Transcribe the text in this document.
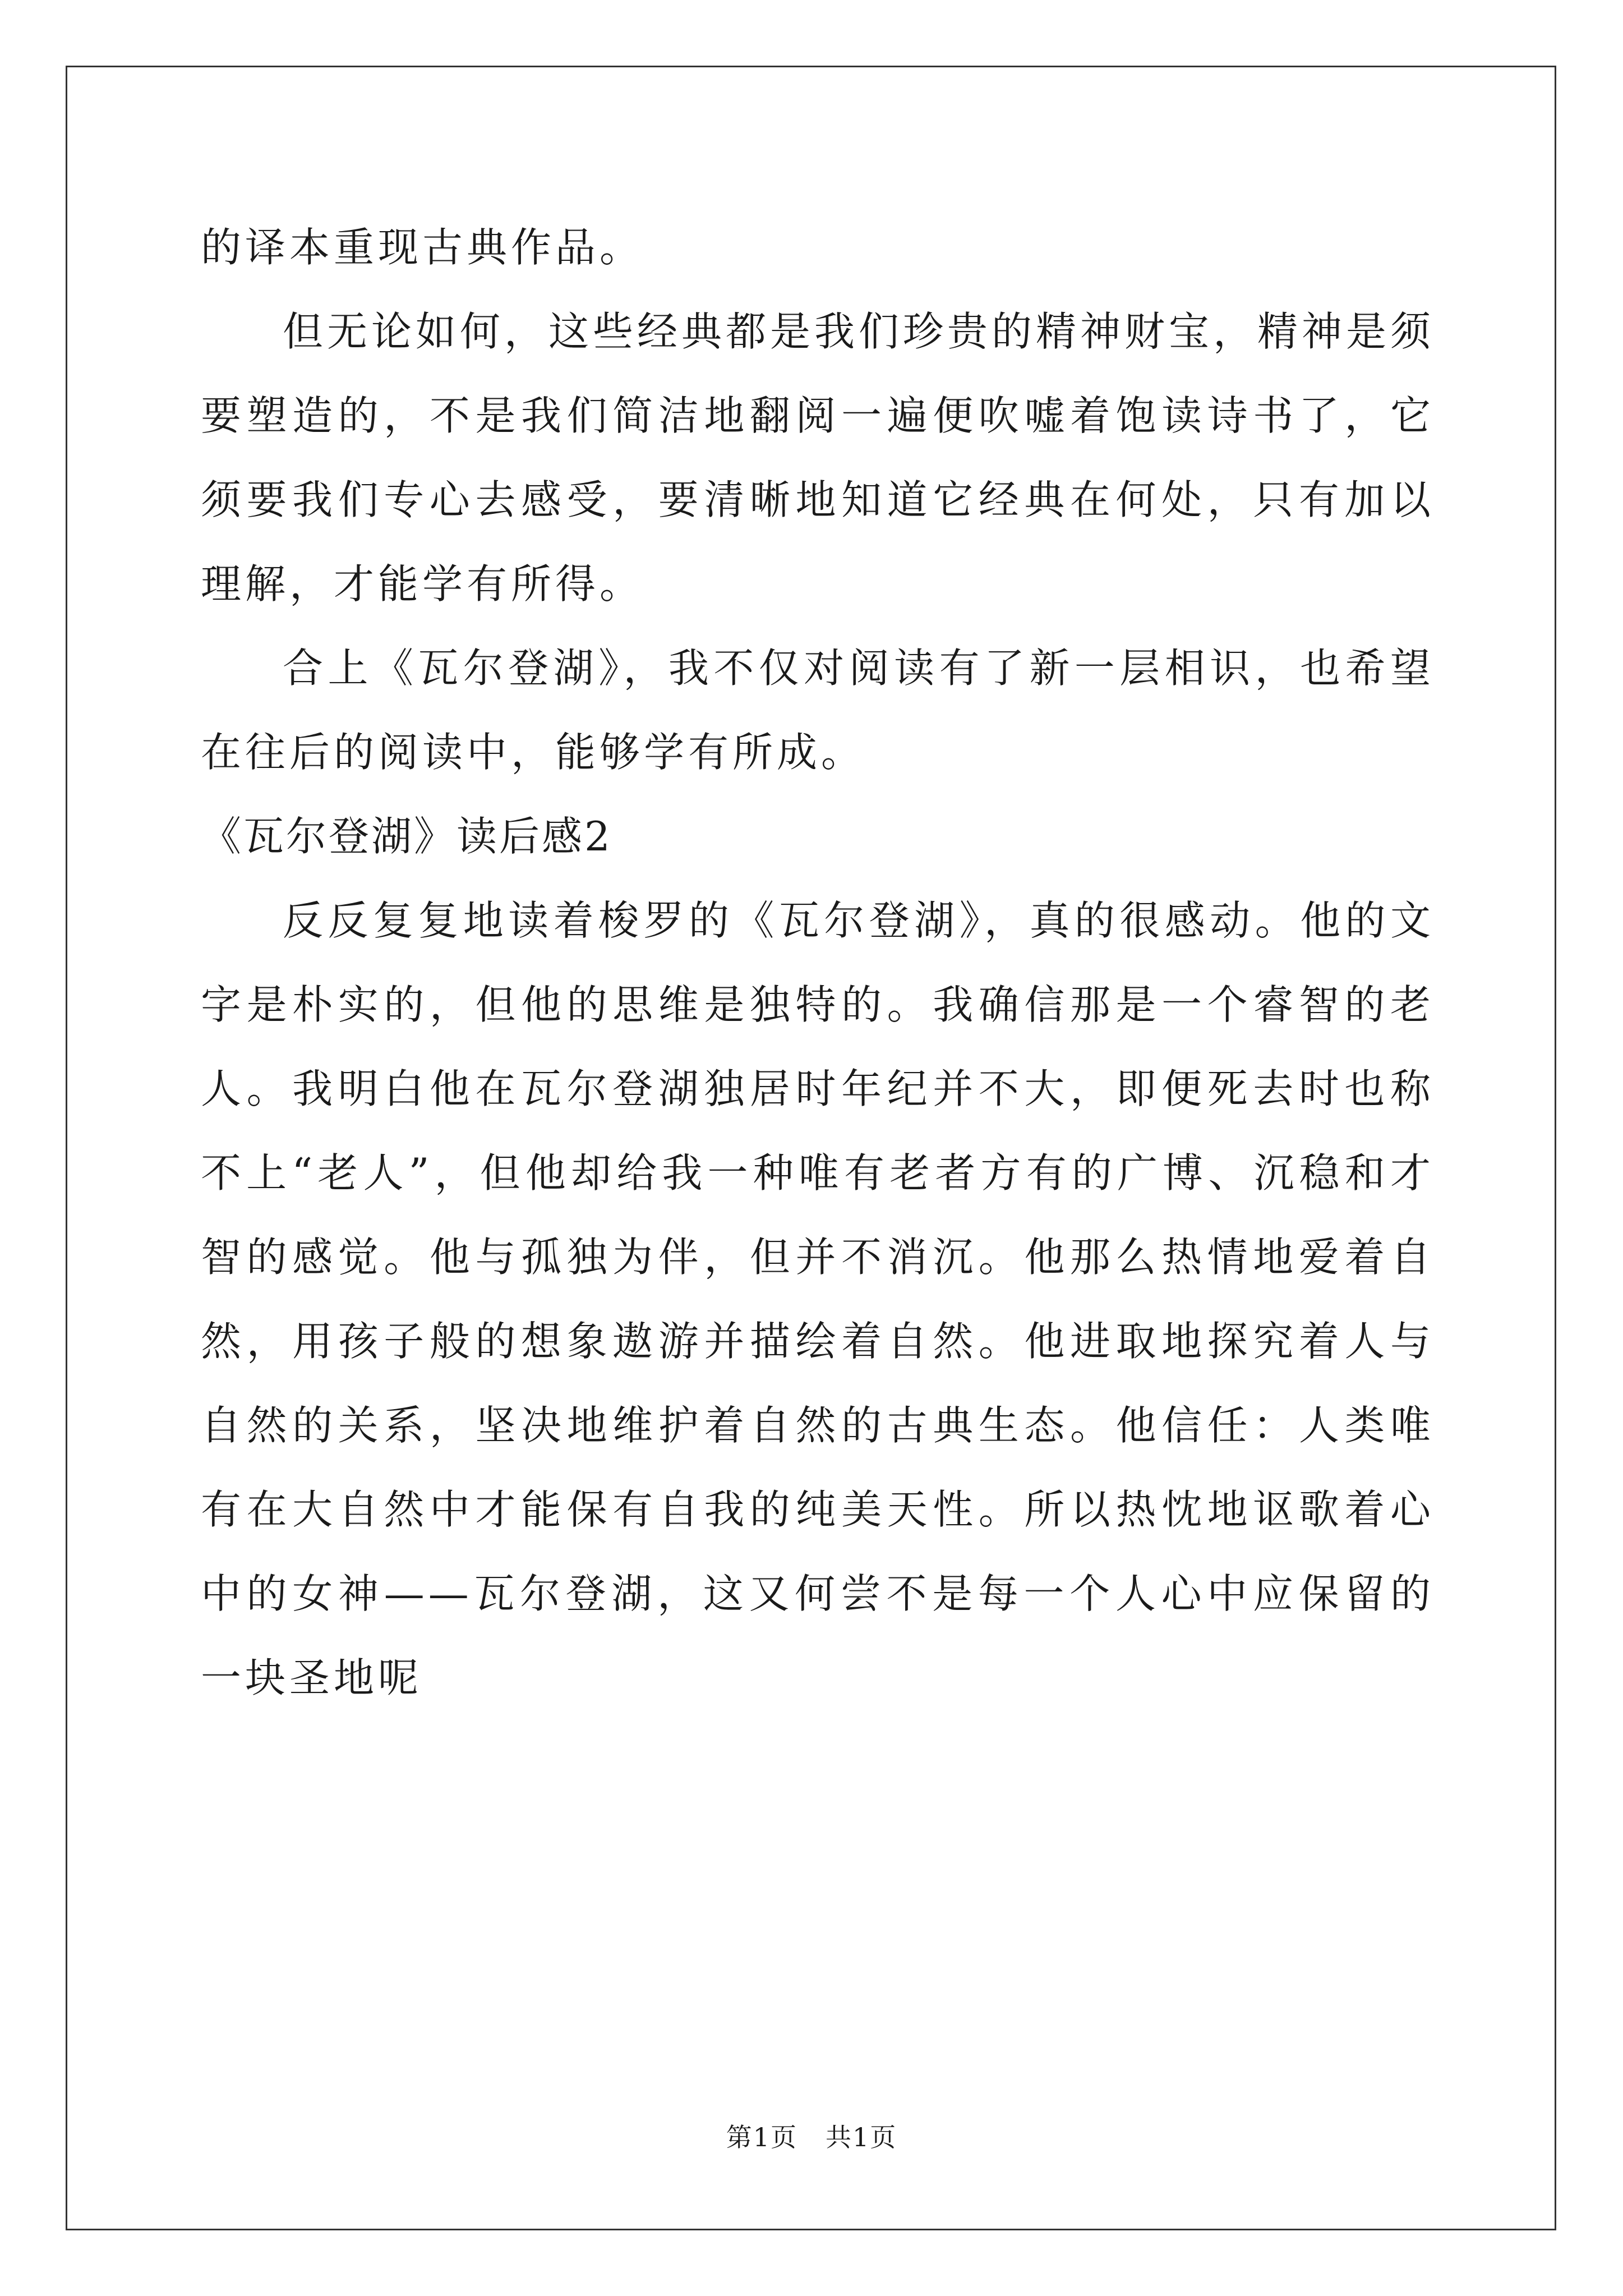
的译本重现古典作品。

但无论如何，这些经典都是我们珍贵的精神财宝，精神是须要塑造的，不是我们简洁地翻阅一遍便吹嘘着饱读诗书了，它须要我们专心去感受，要清晰地知道它经典在何处，只有加以理解，才能学有所得。

合上《瓦尔登湖》，我不仅对阅读有了新一层相识，也希望在往后的阅读中，能够学有所成。

《瓦尔登湖》读后感2

反反复复地读着梭罗的《瓦尔登湖》，真的很感动。他的文字是朴实的，但他的思维是独特的。我确信那是一个睿智的老人。我明白他在瓦尔登湖独居时年纪并不大，即便死去时也称不上“老人”，但他却给我一种唯有老者方有的广博、沉稳和才智的感觉。他与孤独为伴，但并不消沉。他那么热情地爱着自然，用孩子般的想象遨游并描绘着自然。他进取地探究着人与自然的关系，坚决地维护着自然的古典生态。他信任：人类唯有在大自然中才能保有自我的纯美天性。所以热忱地讴歌着心中的女神——瓦尔登湖，这又何尝不是每一个人心中应保留的一块圣地呢

第1页 共1页
